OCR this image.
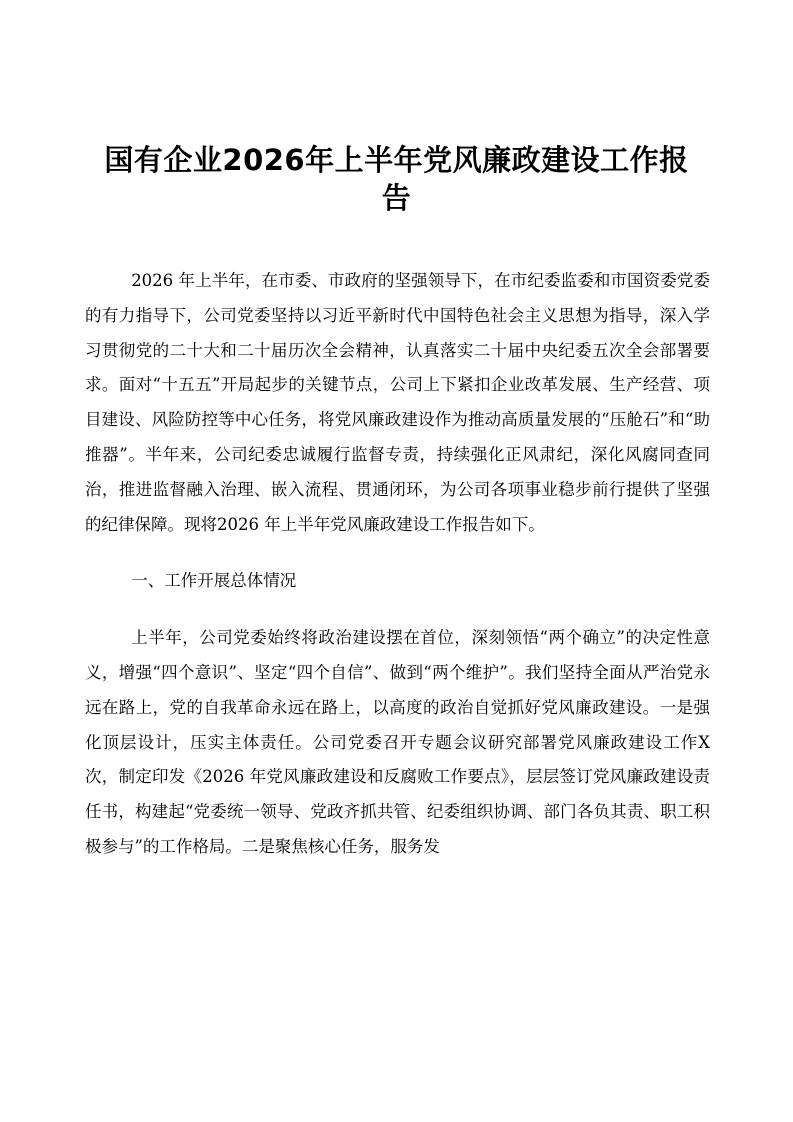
国有企业2026年上半年党风廉政建设工作报告

2026 年上半年，在市委、市政府的坚强领导下，在市纪委监委和市国资委党委的有力指导下，公司党委坚持以习近平新时代中国特色社会主义思想为指导，深入学习贯彻党的二十大和二十届历次全会精神，认真落实二十届中央纪委五次全会部署要求。面对“十五五”开局起步的关键节点，公司上下紧扣企业改革发展、生产经营、项目建设、风险防控等中心任务，将党风廉政建设作为推动高质量发展的“压舱石”和“助推器”。半年来，公司纪委忠诚履行监督专责，持续强化正风肃纪，深化风腐同查同治，推进监督融入治理、嵌入流程、贯通闭环，为公司各项事业稳步前行提供了坚强的纪律保障。现将2026 年上半年党风廉政建设工作报告如下。

一、工作开展总体情况

上半年，公司党委始终将政治建设摆在首位，深刻领悟“两个确立”的决定性意义，增强“四个意识”、坚定“四个自信”、做到“两个维护”。我们坚持全面从严治党永远在路上，党的自我革命永远在路上，以高度的政治自觉抓好党风廉政建设。一是强化顶层设计，压实主体责任。公司党委召开专题会议研究部署党风廉政建设工作X 次，制定印发《2026 年党风廉政建设和反腐败工作要点》，层层签订党风廉政建设责任书，构建起“党委统一领导、党政齐抓共管、纪委组织协调、部门各负其责、职工积极参与”的工作格局。二是聚焦核心任务，服务发
